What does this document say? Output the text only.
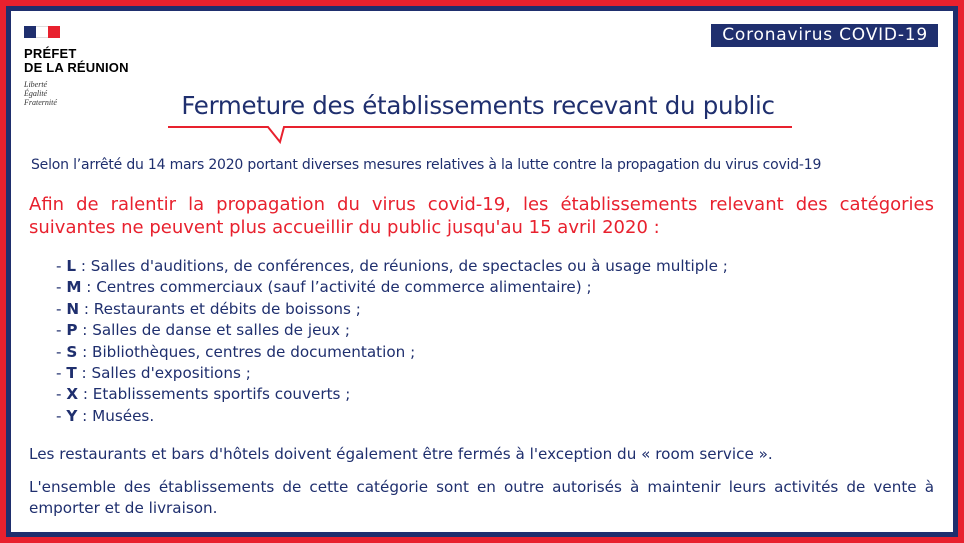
PRÉFET
DE LA RÉUNION
Liberté
Égalité
Fraternité
Coronavirus COVID-19
Fermeture des établissements recevant du public
Selon l’arrêté du 14 mars 2020 portant diverses mesures relatives à la lutte contre la propagation du virus covid-19
Afin de ralentir la propagation du virus covid-19, les établissements relevant des catégories suivantes ne peuvent plus accueillir du public jusqu'au 15 avril 2020 :
- L : Salles d'auditions, de conférences, de réunions, de spectacles ou à usage multiple ;
- M : Centres commerciaux (sauf l’activité de commerce alimentaire) ;
- N : Restaurants et débits de boissons ;
- P : Salles de danse et salles de jeux ;
- S : Bibliothèques, centres de documentation ;
- T : Salles d'expositions ;
- X : Etablissements sportifs couverts ;
- Y : Musées.
Les restaurants et bars d'hôtels doivent également être fermés à l'exception du « room service ».
L'ensemble des établissements de cette catégorie sont en outre autorisés à maintenir leurs activités de vente à emporter et de livraison.
